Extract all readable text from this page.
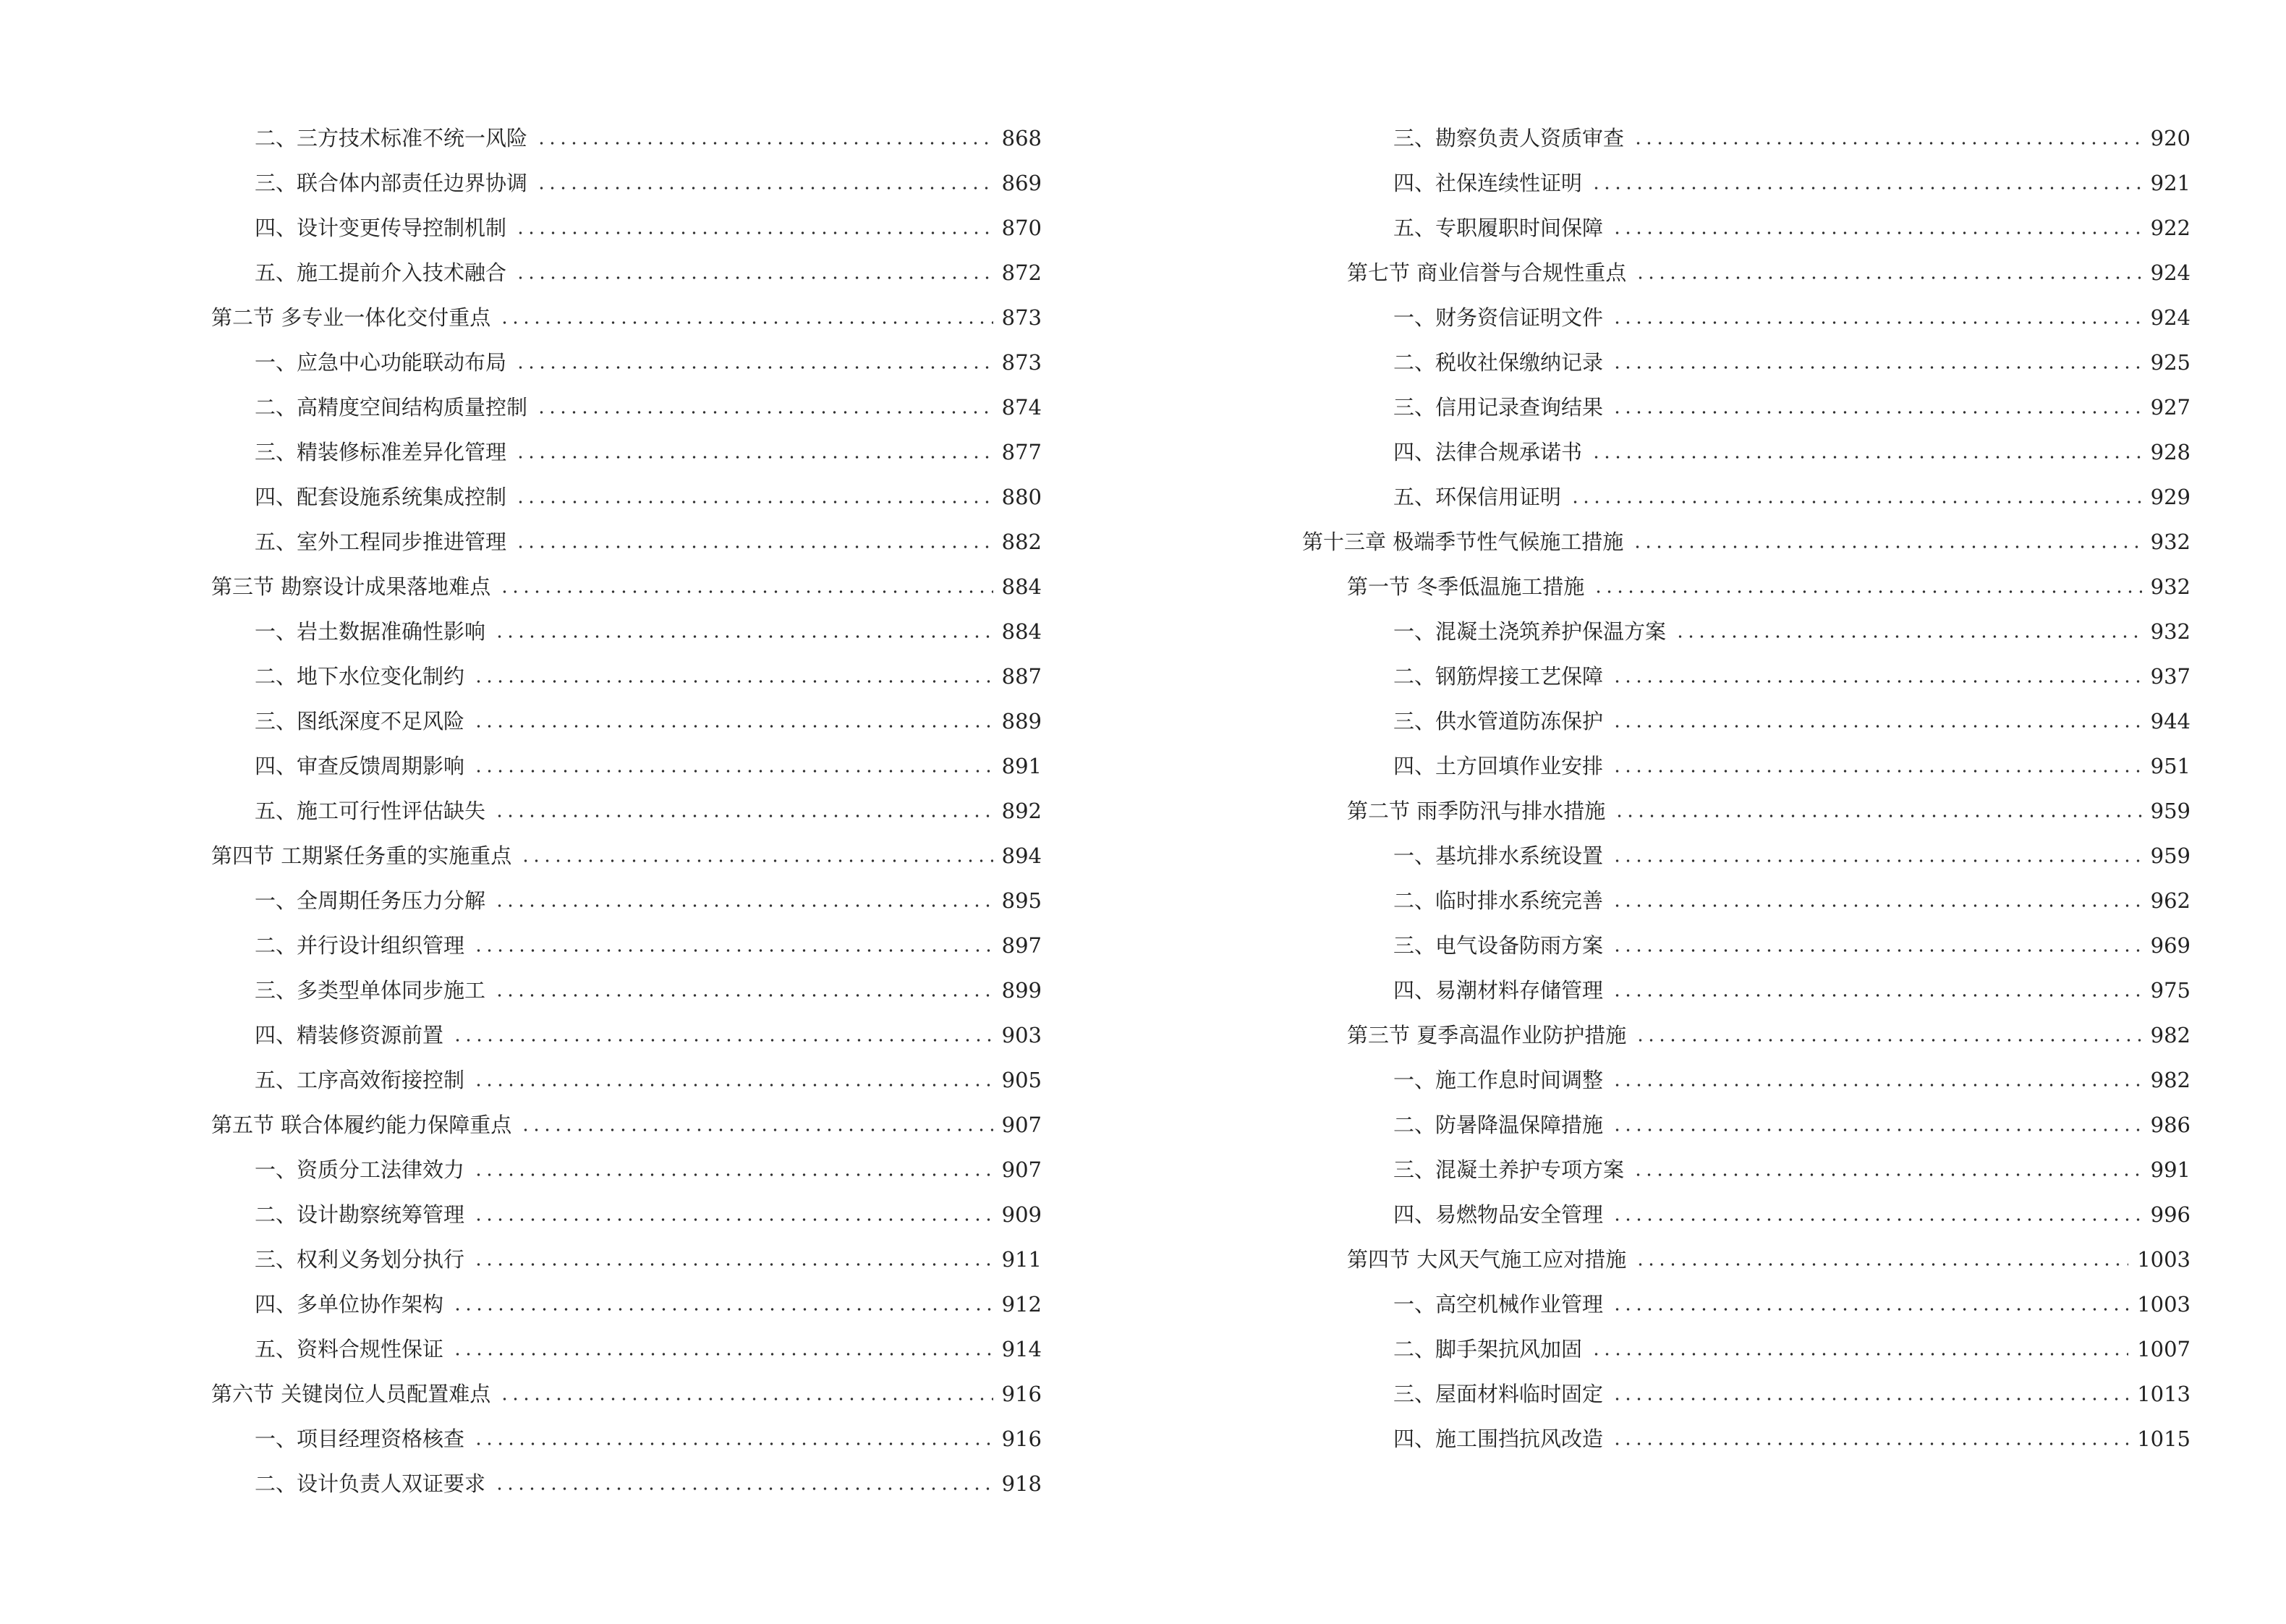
二、三方技术标准不统一风险	868
三、联合体内部责任边界协调	869
四、设计变更传导控制机制	870
五、施工提前介入技术融合	872
第二节 多专业一体化交付重点	873
一、应急中心功能联动布局	873
二、高精度空间结构质量控制	874
三、精装修标准差异化管理	877
四、配套设施系统集成控制	880
五、室外工程同步推进管理	882
第三节 勘察设计成果落地难点	884
一、岩土数据准确性影响	884
二、地下水位变化制约	887
三、图纸深度不足风险	889
四、审查反馈周期影响	891
五、施工可行性评估缺失	892
第四节 工期紧任务重的实施重点	894
一、全周期任务压力分解	895
二、并行设计组织管理	897
三、多类型单体同步施工	899
四、精装修资源前置	903
五、工序高效衔接控制	905
第五节 联合体履约能力保障重点	907
一、资质分工法律效力	907
二、设计勘察统筹管理	909
三、权利义务划分执行	911
四、多单位协作架构	912
五、资料合规性保证	914
第六节 关键岗位人员配置难点	916
一、项目经理资格核查	916
二、设计负责人双证要求	918
三、勘察负责人资质审查	920
四、社保连续性证明	921
五、专职履职时间保障	922
第七节 商业信誉与合规性重点	924
一、财务资信证明文件	924
二、税收社保缴纳记录	925
三、信用记录查询结果	927
四、法律合规承诺书	928
五、环保信用证明	929
第十三章 极端季节性气候施工措施	932
第一节 冬季低温施工措施	932
一、混凝土浇筑养护保温方案	932
二、钢筋焊接工艺保障	937
三、供水管道防冻保护	944
四、土方回填作业安排	951
第二节 雨季防汛与排水措施	959
一、基坑排水系统设置	959
二、临时排水系统完善	962
三、电气设备防雨方案	969
四、易潮材料存储管理	975
第三节 夏季高温作业防护措施	982
一、施工作息时间调整	982
二、防暑降温保障措施	986
三、混凝土养护专项方案	991
四、易燃物品安全管理	996
第四节 大风天气施工应对措施	1003
一、高空机械作业管理	1003
二、脚手架抗风加固	1007
三、屋面材料临时固定	1013
四、施工围挡抗风改造	1015
